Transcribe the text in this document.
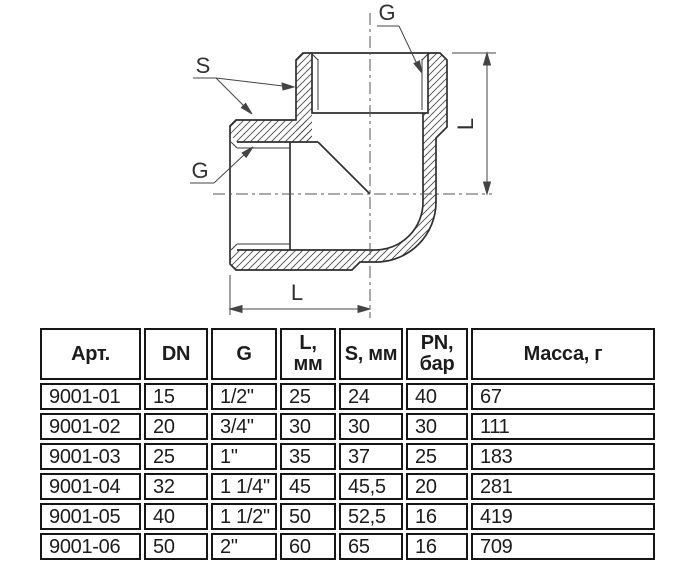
L
L
S
G
G
Арт.	DN	G	L, мм	S, мм	PN, бар	Масса, г
9001-01	15	1/2"	25	24	40	67
9001-02	20	3/4"	30	30	30	111
9001-03	25	1"	35	37	25	183
9001-04	32	1 1/4"	45	45,5	20	281
9001-05	40	1 1/2"	50	52,5	16	419
9001-06	50	2"	60	65	16	709
